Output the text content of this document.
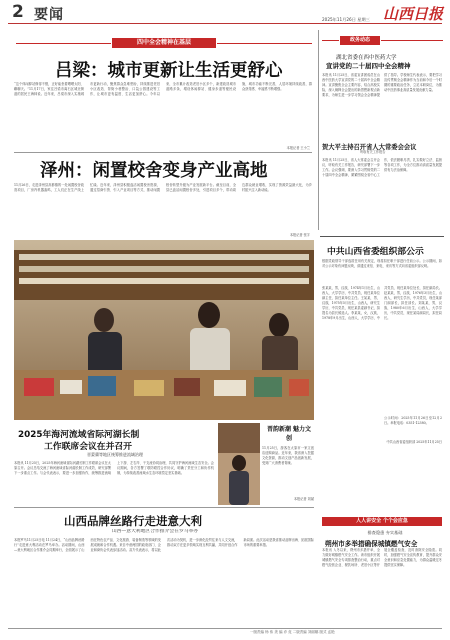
2 要闻	2025年11月26日 星期三 山西日报
四中全会精神在基层
吕梁：城市更新让生活更舒心
“这个休闲驿站修得不错，正好能坐着晒晒太阳、聊聊天。”11月17日，家住吕梁市离石区城北街道的居民王海林说。近年来，吕梁市深入实施城市更新行动，聚焦群众急难愁盼，持续推进老旧小区改造、背街小巷整治、口袋公园建设等工作，让城市更有温度、生活更加舒心。今年以来，全市累计改造老旧小区多个，新建改造城市道路多条，增设休闲驿站、健身步道等便民设施，城市功能不断完善，人居环境持续改善，群众获得感、幸福感不断增强。
本报记者 王小兰
泽州：闲置校舍变身产业高地
11月26日，走进泽州县高都镇的一处闲置校舍改造项目，厂房内机器轰鸣，工人们正在生产线上忙碌。近年来，泽州县积极盘活闲置校舍资源，通过招商引资、引入产业项目等方式，推动闲置校舍转型升级为产业发展新平台。截至目前，全县已盘活闲置校舍多处，引进项目多个，带动周边群众就业增收，实现了资源效益最大化，为乡村振兴注入新动能。
本报记者 张宇
政务动态
湖北省委在西中医药大学
宣讲党的二十届四中全会精神
本报讯 11月25日，省委宣讲团成员在山西中医药大学宣讲党的二十届四中全会精神。宣讲聚焦全会主要内容，结合高校实际，深入阐释全会提出的新思想新观点新要求，为师生进一步学习领会全会精神提供了指导。学校师生代表表示，要把学习宣传贯彻全会精神作为当前和今后一个时期的重要政治任务，立足本职岗位，为推动中医药事业高质量发展贡献力量。
贺大平主持召开省人大常委会会议
听取有关工作报告
本报讯 11月25日，省人大常委会召开会议，听取有关工作报告，研究部署下一步工作。会议强调，要深入学习贯彻党的二十届四中全会精神，紧紧围绕全省中心工作，依法履职尽责，扎实做好立法、监督等各项工作，为全方位推动高质量发展提供有力法治保障。
中共山西省委组织部公示
根据党政领导干部选拔任用有关规定，现将拟任职干部进行任前公示。公示期间，如对公示对象有问题反映，请通过来信、来电、来访等方式向省委组织部反映。
张某某，男，汉族，1974年1月出生，山西人，大学学历，中共党员，现任某单位副主任，拟任某单位主任。王某某，男，汉族，1975年5月出生，山西人，研究生学历，中共党员，现任某县委副书记，拟提名为县长候选人。李某某，女，汉族，1978年9月出生，山西人，大学学历，中共党员，现任某单位处长，拟任副局长。赵某某，男，汉族，1976年3月出生，山西人，研究生学历，中共党员，现任某部门副部长，拟任部长。刘某某，男，汉族，1980年6月出生，山西人，大学学历，中共党员，现任某局副局长，拟任局长。
公示时间：2025年11月26日至12月2日。举报电话：0351-12380。
中共山西省委组织部 2025年11月25日
晋韵新潮 魅力文创
11月25日，游客在太原市一家文创店选购商品。近年来，我省深入挖掘文化资源，推动文创产品创新发展，受到广大消费者青睐。
本报记者 刘斌
2025年海河流域省际河湖长制
工作联席会议在并召开
晋蒙冀等地区统筹推进流域治理
本报讯 11月25日，2025年海河流域省际河湖长制工作联席会议在太原召开。会议总结交流了海河流域省际河湖长制工作成效，研究部署下一步重点工作。与会代表表示，要进一步加强协作，统筹推进流域上下游、左右岸、干支流协同治理，共同守护海河流域生态安全。会议期间，各方签署了联防联控合作协议，明确了责任分工和协作机制，为持续改善流域水生态环境奠定坚实基础。
山西品牌丝路行走进意大利
山西—意大利地区合作推介会在罗马举办
本报罗马11月25日电 11月24日，“山西品牌丝路行”走进意大利活动在罗马举办。活动期间，山西—意大利地区合作推介会同期举行，全面展示了山西在特色农产品、文化旅游、装备制造等领域的发展成就和合作机遇。来自中意两国的政府部门、企业和商协会代表参加活动。双方代表表示，将以此次活动为契机，进一步深化经贸往来与人文交流，推动双方在更多领域实现互利共赢，共同开创合作新局面。此次活动是我省推动品牌出海、拓展国际市场的重要举措。
人人讲安全 个个会应急
排查隐患 夯实基础
朔州市多举措确保城镇燃气安全
本报讯 入冬以来，朔州市多措并举，全力做好城镇燃气安全工作。该市组织开展城镇燃气安全专项排查整治行动，重点对燃气经营企业、餐饮场所、老旧小区等开展全覆盖检查，及时消除安全隐患。同时，加强燃气安全宣传教育，提升群众安全意识和应急处置能力，为群众温暖过冬提供坚实保障。
一版责编 杨 伟 美 编 乔 竞 二版责编 刘丽娜 版式 孟艳
